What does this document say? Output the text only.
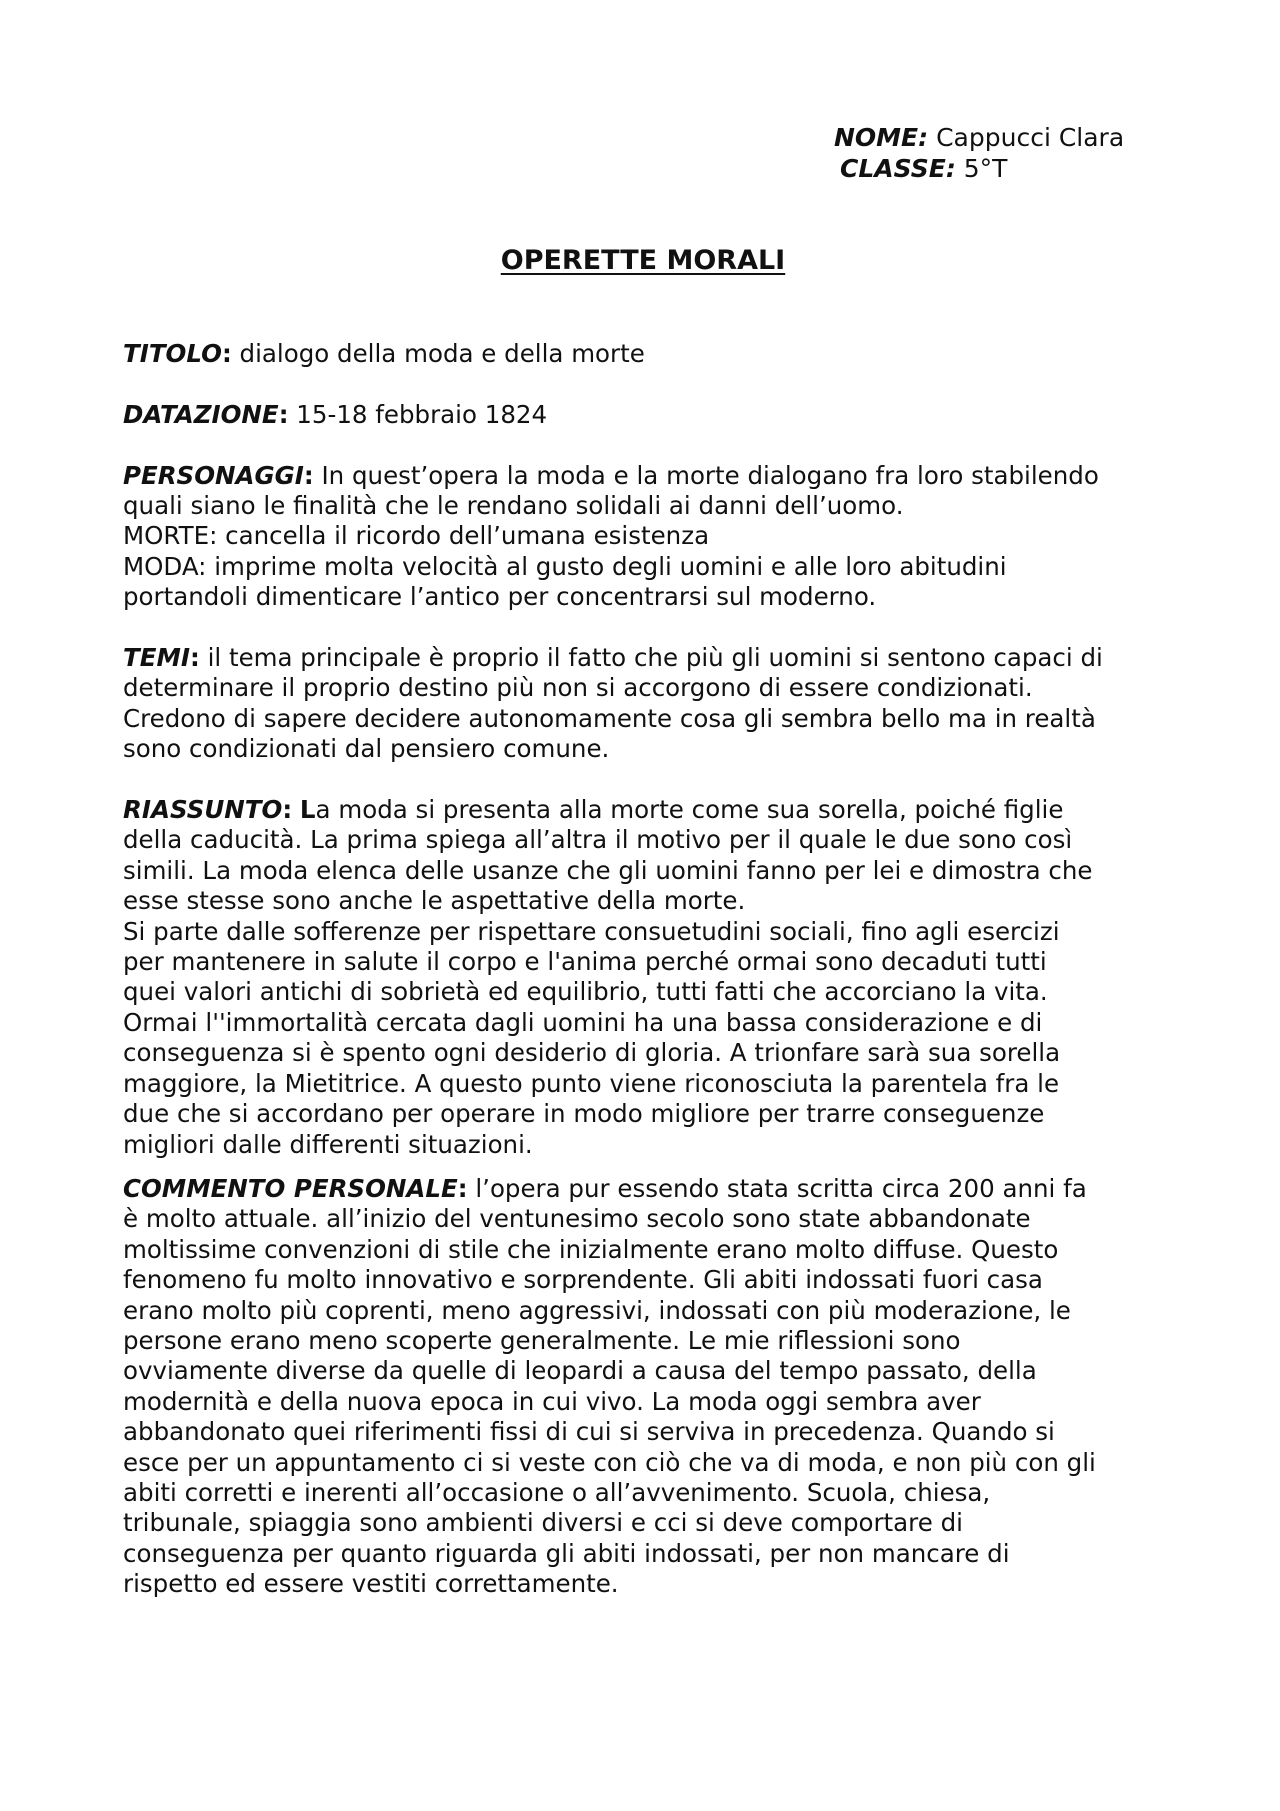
NOME: Cappucci Clara
CLASSE: 5°T
OPERETTE MORALI

TITOLO: dialogo della moda e della morte

DATAZIONE: 15-18 febbraio 1824

PERSONAGGI: In quest’opera la moda e la morte dialogano fra loro stabilendo

quali siano le finalità che le rendano solidali ai danni dell’uomo.

MORTE: cancella il ricordo dell’umana esistenza

MODA: imprime molta velocità al gusto degli uomini e alle loro abitudini

portandoli dimenticare l’antico per concentrarsi sul moderno.

TEMI: il tema principale è proprio il fatto che più gli uomini si sentono capaci di

determinare il proprio destino più non si accorgono di essere condizionati.

Credono di sapere decidere autonomamente cosa gli sembra bello ma in realtà

sono condizionati dal pensiero comune.

RIASSUNTO: La moda si presenta alla morte come sua sorella, poiché figlie

della caducità. La prima spiega all’altra il motivo per il quale le due sono così

simili. La moda elenca delle usanze che gli uomini fanno per lei e dimostra che

esse stesse sono anche le aspettative della morte.

Si parte dalle sofferenze per rispettare consuetudini sociali, fino agli esercizi

per mantenere in salute il corpo e l'anima perché ormai sono decaduti tutti

quei valori antichi di sobrietà ed equilibrio, tutti fatti che accorciano la vita.

Ormai l''immortalità cercata dagli uomini ha una bassa considerazione e di

conseguenza si è spento ogni desiderio di gloria. A trionfare sarà sua sorella

maggiore, la Mietitrice. A questo punto viene riconosciuta la parentela fra le

due che si accordano per operare in modo migliore per trarre conseguenze

migliori dalle differenti situazioni.

COMMENTO PERSONALE: l’opera pur essendo stata scritta circa 200 anni fa

è molto attuale. all’inizio del ventunesimo secolo sono state abbandonate

moltissime convenzioni di stile che inizialmente erano molto diffuse. Questo

fenomeno fu molto innovativo e sorprendente. Gli abiti indossati fuori casa

erano molto più coprenti, meno aggressivi, indossati con più moderazione, le

persone erano meno scoperte generalmente. Le mie riflessioni sono

ovviamente diverse da quelle di leopardi a causa del tempo passato, della

modernità e della nuova epoca in cui vivo. La moda oggi sembra aver

abbandonato quei riferimenti fissi di cui si serviva in precedenza. Quando si

esce per un appuntamento ci si veste con ciò che va di moda, e non più con gli

abiti corretti e inerenti all’occasione o all’avvenimento. Scuola, chiesa,

tribunale, spiaggia sono ambienti diversi e cci si deve comportare di

conseguenza per quanto riguarda gli abiti indossati, per non mancare di

rispetto ed essere vestiti correttamente.
